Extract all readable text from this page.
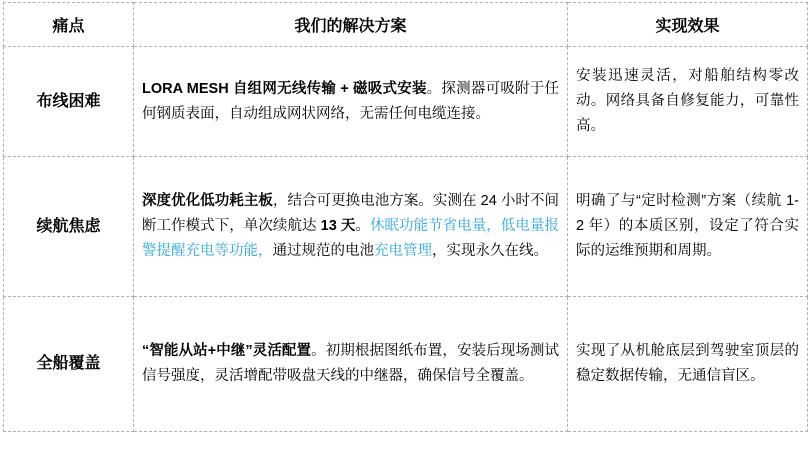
痛点	我们的解决方案	实现效果
布线困难	LORA MESH 自组网无线传输 + 磁吸式安装。探测器可吸附于任何钢质表面，自动组成网状网络，无需任何电缆连接。	安装迅速灵活，对船舶结构零改动。网络具备自修复能力，可靠性高。
续航焦虑	深度优化低功耗主板，结合可更换电池方案。实测在 24 小时不间断工作模式下，单次续航达 13 天。休眠功能节省电量，低电量报警提醒充电等功能，通过规范的电池充电管理，实现永久在线。	明确了与“定时检测”方案（续航 1-2 年）的本质区别，设定了符合实际的运维预期和周期。
全船覆盖	“智能从站+中继”灵活配置。初期根据图纸布置，安装后现场测试信号强度，灵活增配带吸盘天线的中继器，确保信号全覆盖。	实现了从机舱底层到驾驶室顶层的稳定数据传输，无通信盲区。
